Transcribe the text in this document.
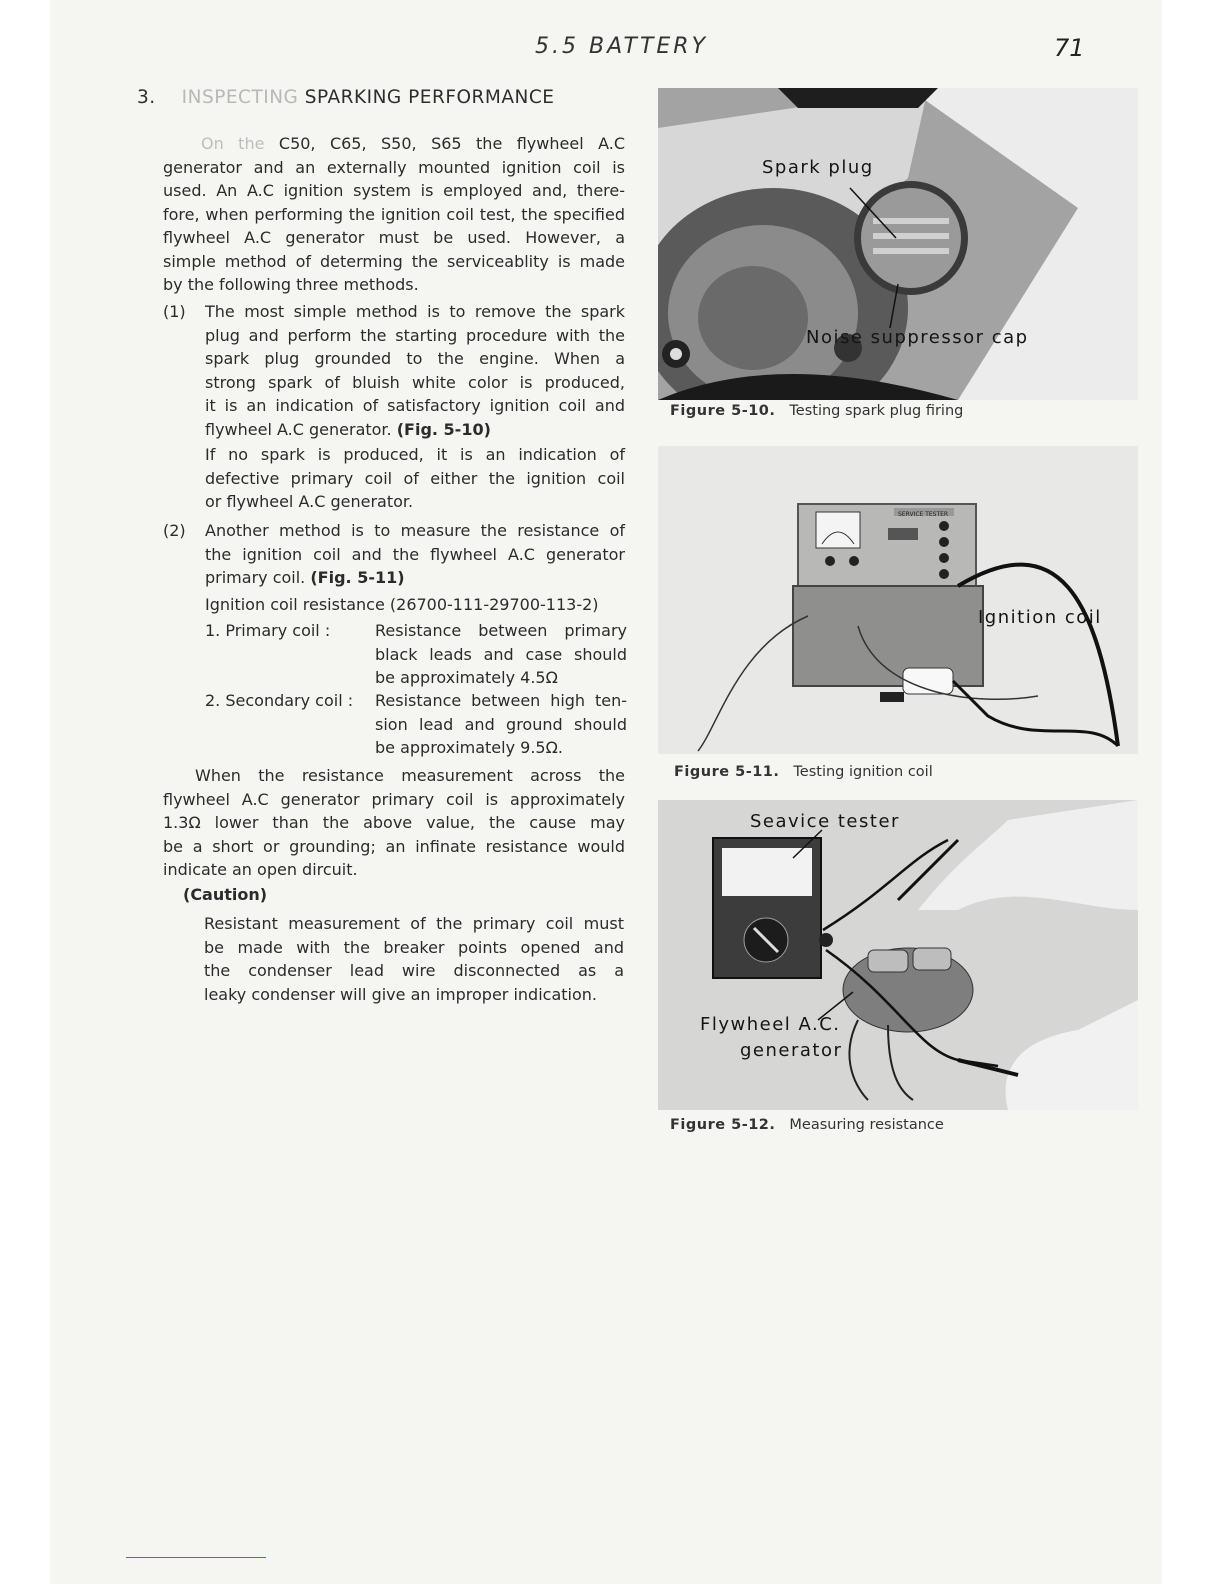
5.5 BATTERY	71
3. INSPECTING SPARKING PERFORMANCE
On the C50, C65, S50, S65 the flywheel A.C
generator and an externally mounted ignition coil is
used. An A.C ignition system is employed and, there-
fore, when performing the ignition coil test, the specified
flywheel A.C generator must be used. However, a
simple method of determing the serviceablity is made
by the following three methods.
(1) The most simple method is to remove the spark
plug and perform the starting procedure with the
spark plug grounded to the engine. When a
strong spark of bluish white color is produced,
it is an indication of satisfactory ignition coil and
flywheel A.C generator. (Fig. 5-10)
If no spark is produced, it is an indication of
defective primary coil of either the ignition coil
or flywheel A.C generator.
(2) Another method is to measure the resistance of
the ignition coil and the flywheel A.C generator
primary coil. (Fig. 5-11)
Ignition coil resistance (26700-111-29700-113-2)
1. Primary coil :	Resistance between primary
black leads and case should
be approximately 4.5Ω
2. Secondary coil : Resistance between high ten-
sion lead and ground should
be approximately 9.5Ω.
When the resistance measurement across the
flywheel A.C generator primary coil is approximately
1.3Ω lower than the above value, the cause may
be a short or grounding; an infinate resistance would
indicate an open dircuit.
(Caution)
Resistant measurement of the primary coil must
be made with the breaker points opened and
the condenser lead wire disconnected as a
leaky condenser will give an improper indication.
Spark plug
Noise suppressor cap
Figure 5-10. Testing spark plug firing
SERVICE TESTER
Ignition coil
Figure 5-11. Testing ignition coil
Seavice tester
Flywheel A.C.
generator
Figure 5-12. Measuring resistance
